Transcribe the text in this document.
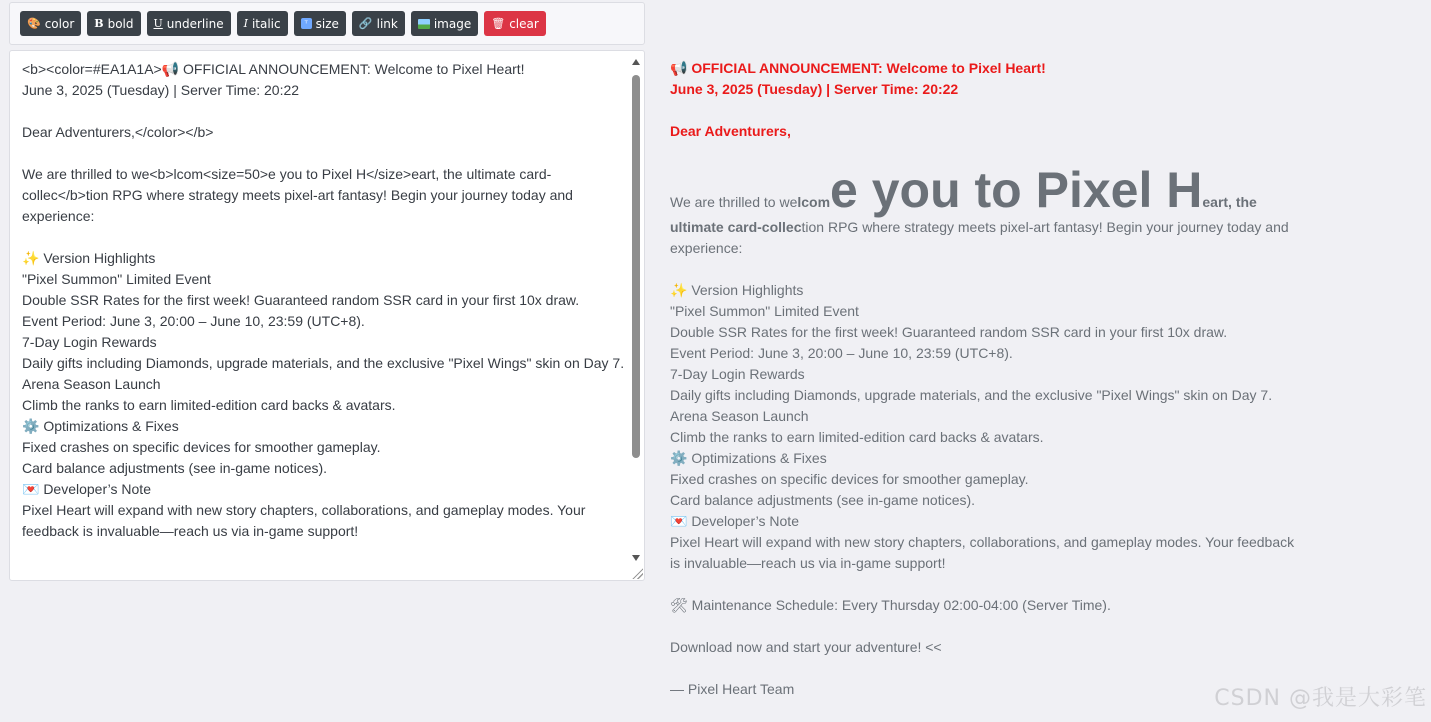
🎨 color B bold U underline I italic	ᵀ size 🔗 link	image 🗑 clear
<b><color=#EA1A1A>📢 OFFICIAL ANNOUNCEMENT: Welcome to Pixel Heart!
June 3, 2025 (Tuesday) | Server Time: 20:22

Dear Adventurers,</color></b>

We are thrilled to we<b>lcom<size=50>e you to Pixel H</size>eart, the ultimate card-collec</b>tion RPG where strategy meets pixel-art fantasy! Begin your journey today and experience:

✨ Version Highlights
"Pixel Summon" Limited Event
Double SSR Rates for the first week! Guaranteed random SSR card in your first 10x draw.
Event Period: June 3, 20:00 – June 10, 23:59 (UTC+8).
7-Day Login Rewards
Daily gifts including Diamonds, upgrade materials, and the exclusive "Pixel Wings" skin on Day 7.
Arena Season Launch
Climb the ranks to earn limited-edition card backs & avatars.
⚙️ Optimizations & Fixes
Fixed crashes on specific devices for smoother gameplay.
Card balance adjustments (see in-game notices).
💌 Developer’s Note
Pixel Heart will expand with new story chapters, collaborations, and gameplay modes. Your feedback is invaluable—reach us via in-game support!
📢 OFFICIAL ANNOUNCEMENT: Welcome to Pixel Heart!
June 3, 2025 (Tuesday) | Server Time: 20:22
Dear Adventurers,
We are thrilled to we lcom e you to Pixel H eart, the
ultimate card-collection RPG where strategy meets pixel-art fantasy! Begin your journey today and
experience:
✨ Version Highlights
"Pixel Summon" Limited Event
Double SSR Rates for the first week! Guaranteed random SSR card in your first 10x draw.
Event Period: June 3, 20:00 – June 10, 23:59 (UTC+8).
7-Day Login Rewards
Daily gifts including Diamonds, upgrade materials, and the exclusive "Pixel Wings" skin on Day 7.
Arena Season Launch
Climb the ranks to earn limited-edition card backs & avatars.
⚙️ Optimizations & Fixes
Fixed crashes on specific devices for smoother gameplay.
Card balance adjustments (see in-game notices).
💌 Developer’s Note
Pixel Heart will expand with new story chapters, collaborations, and gameplay modes. Your feedback
is invaluable—reach us via in-game support!
🛠 Maintenance Schedule: Every Thursday 02:00-04:00 (Server Time).
Download now and start your adventure! <<
— Pixel Heart Team	CSDN @我是大彩笔
